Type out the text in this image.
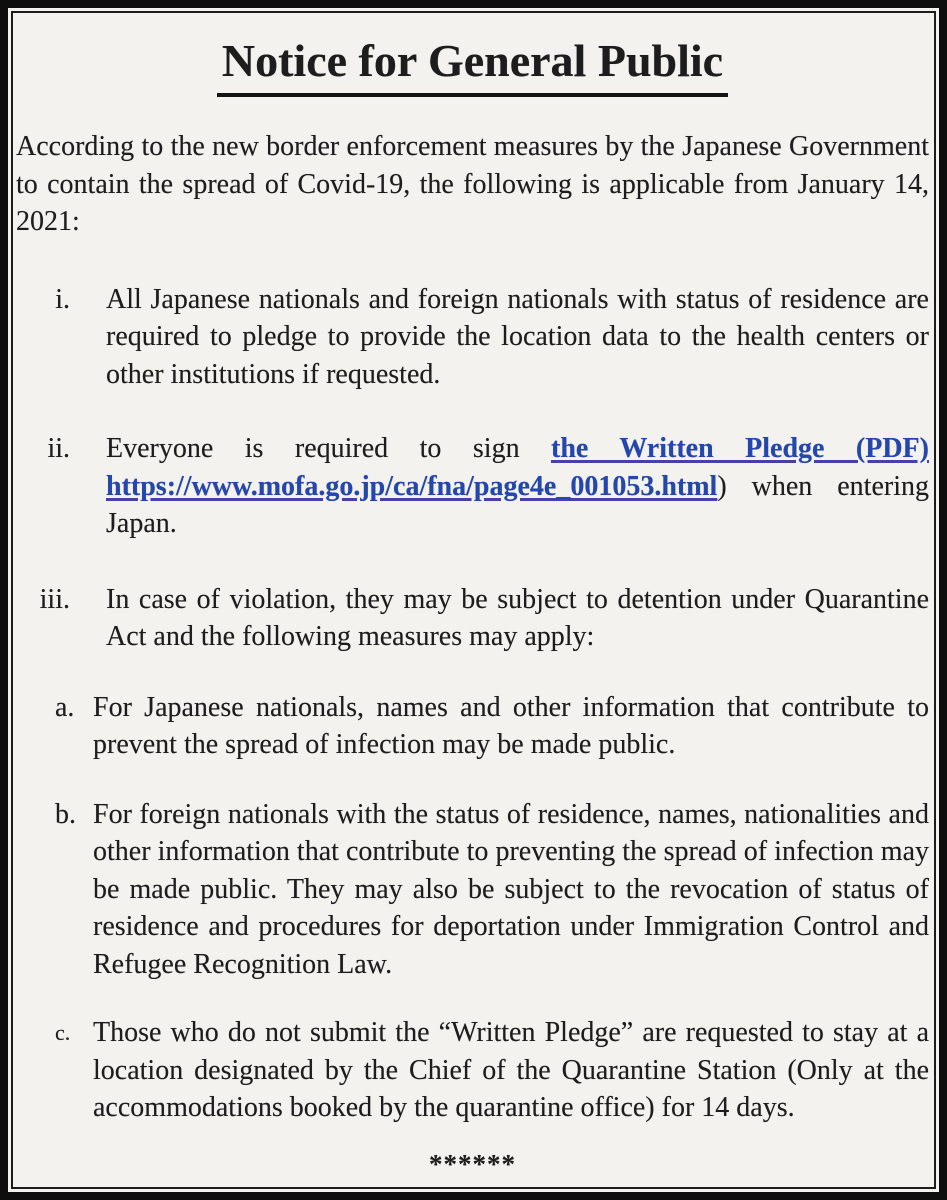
Notice for General Public

According to the new border enforcement measures by the Japanese Government to contain the spread of Covid-19, the following is applicable from January 14, 2021:

i. All Japanese nationals and foreign nationals with status of residence are required to pledge to provide the location data to the health centers or other institutions if requested.
ii. Everyone is required to sign the Written Pledge (PDF) https://www.mofa.go.jp/ca/fna/page4e_001053.html) when entering Japan.
iii. In case of violation, they may be subject to detention under Quarantine Act and the following measures may apply:
a. For Japanese nationals, names and other information that contribute to prevent the spread of infection may be made public.
b. For foreign nationals with the status of residence, names, nationalities and other information that contribute to preventing the spread of infection may be made public. They may also be subject to the revocation of status of residence and procedures for deportation under Immigration Control and Refugee Recognition Law.
c. Those who do not submit the “Written Pledge” are requested to stay at a location designated by the Chief of the Quarantine Station (Only at the accommodations booked by the quarantine office) for 14 days.
******
